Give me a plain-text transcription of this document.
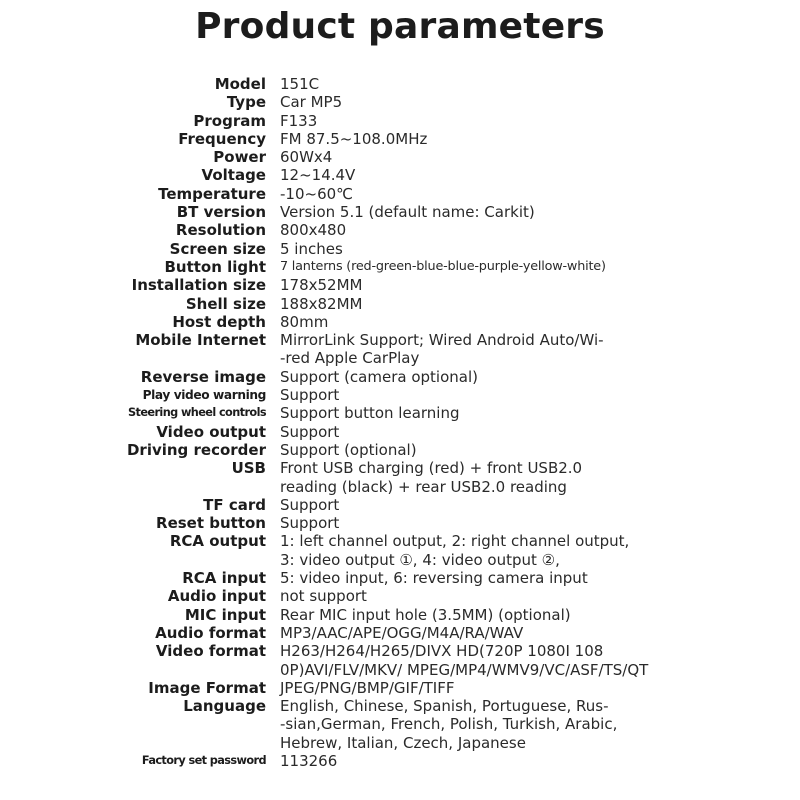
Product parameters
Model 151C
Type Car MP5
Program F133
Frequency FM 87.5~108.0MHz
Power 60Wx4
Voltage 12~14.4V
Temperature -10~60℃
BT version Version 5.1 (default name: Carkit)
Resolution 800x480
Screen size 5 inches
Button light 7 lanterns (red-green-blue-blue-purple-yellow-white)
Installation size 178x52MM
Shell size 188x82MM
Host depth 80mm
Mobile Internet MirrorLink Support; Wired Android Auto/Wi-
-red Apple CarPlay
Reverse image Support (camera optional)
Play video warning Support
Steering wheel controls Support button learning
Video output Support
Driving recorder Support (optional)
USB Front USB charging (red) + front USB2.0
reading (black) + rear USB2.0 reading
TF card Support
Reset button Support
RCA output 1: left channel output, 2: right channel output,
3: video output ①, 4: video output ②,
RCA input 5: video input, 6: reversing camera input
Audio input not support
MIC input Rear MIC input hole (3.5MM) (optional)
Audio format MP3/AAC/APE/OGG/M4A/RA/WAV
Video format H263/H264/H265/DIVX HD(720P 1080I 108
0P)AVI/FLV/MKV/ MPEG/MP4/WMV9/VC/ASF/TS/QT
Image Format JPEG/PNG/BMP/GIF/TIFF
Language English, Chinese, Spanish, Portuguese, Rus-
-sian,German, French, Polish, Turkish, Arabic,
Hebrew, Italian, Czech, Japanese
Factory set password 113266
